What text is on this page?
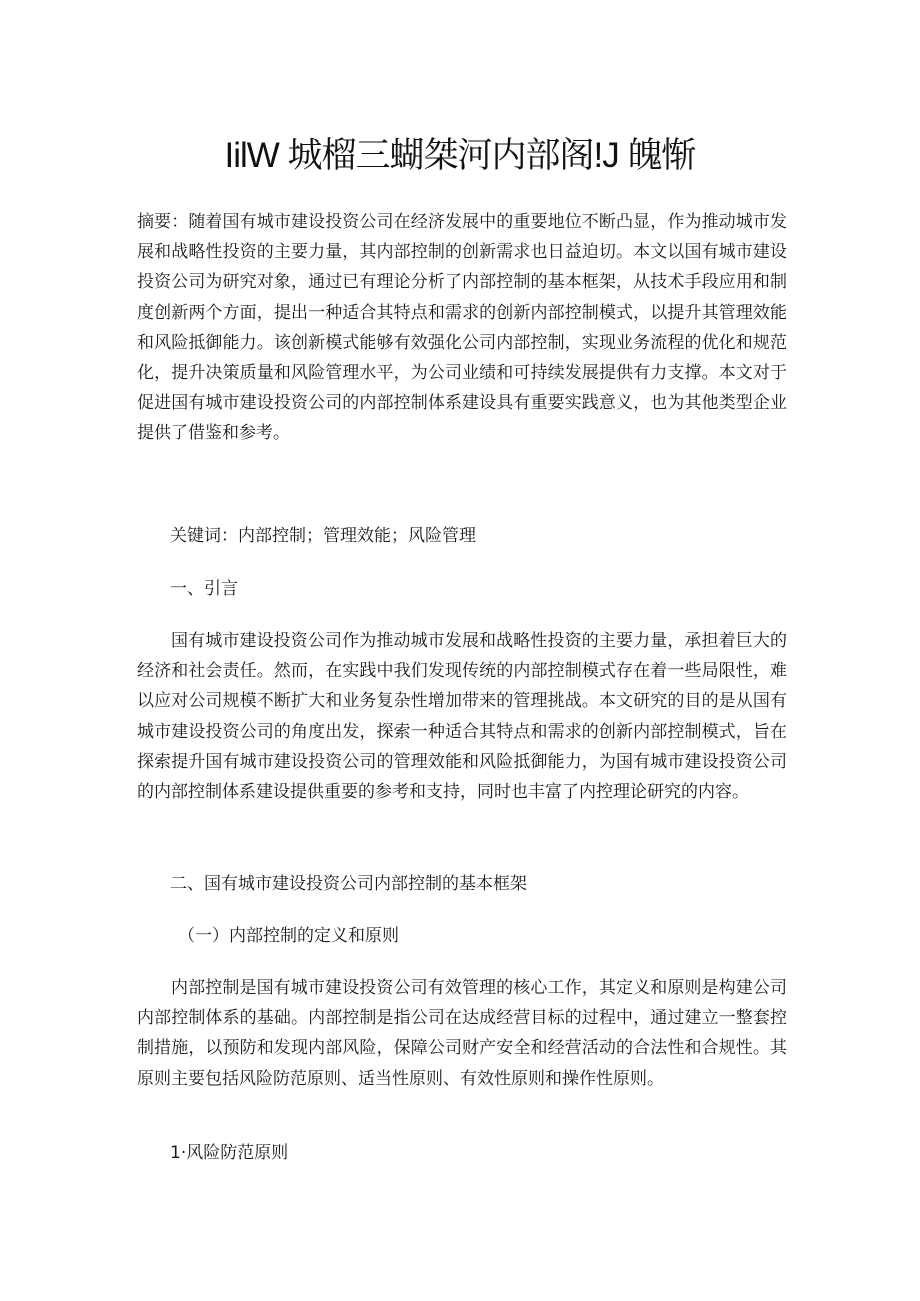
IilW 城榴三蝴桀河内部阁!J 魄惭

摘要：随着国有城市建设投资公司在经济发展中的重要地位不断凸显，作为推动城市发展和战略性投资的主要力量，其内部控制的创新需求也日益迫切。本文以国有城市建设投资公司为研究对象，通过已有理论分析了内部控制的基本框架，从技术手段应用和制度创新两个方面，提出一种适合其特点和需求的创新内部控制模式，以提升其管理效能和风险抵御能力。该创新模式能够有效强化公司内部控制，实现业务流程的优化和规范化，提升决策质量和风险管理水平，为公司业绩和可持续发展提供有力支撑。本文对于促进国有城市建设投资公司的内部控制体系建设具有重要实践意义，也为其他类型企业提供了借鉴和参考。

关键词：内部控制；管理效能；风险管理

一、引言

国有城市建设投资公司作为推动城市发展和战略性投资的主要力量，承担着巨大的经济和社会责任。然而，在实践中我们发现传统的内部控制模式存在着一些局限性，难以应对公司规模不断扩大和业务复杂性增加带来的管理挑战。本文研究的目的是从国有城市建设投资公司的角度出发，探索一种适合其特点和需求的创新内部控制模式，旨在探索提升国有城市建设投资公司的管理效能和风险抵御能力，为国有城市建设投资公司的内部控制体系建设提供重要的参考和支持，同时也丰富了内控理论研究的内容。

二、国有城市建设投资公司内部控制的基本框架

（一）内部控制的定义和原则

内部控制是国有城市建设投资公司有效管理的核心工作，其定义和原则是构建公司内部控制体系的基础。内部控制是指公司在达成经营目标的过程中，通过建立一整套控制措施，以预防和发现内部风险，保障公司财产安全和经营活动的合法性和合规性。其原则主要包括风险防范原则、适当性原则、有效性原则和操作性原则。

1·风险防范原则
